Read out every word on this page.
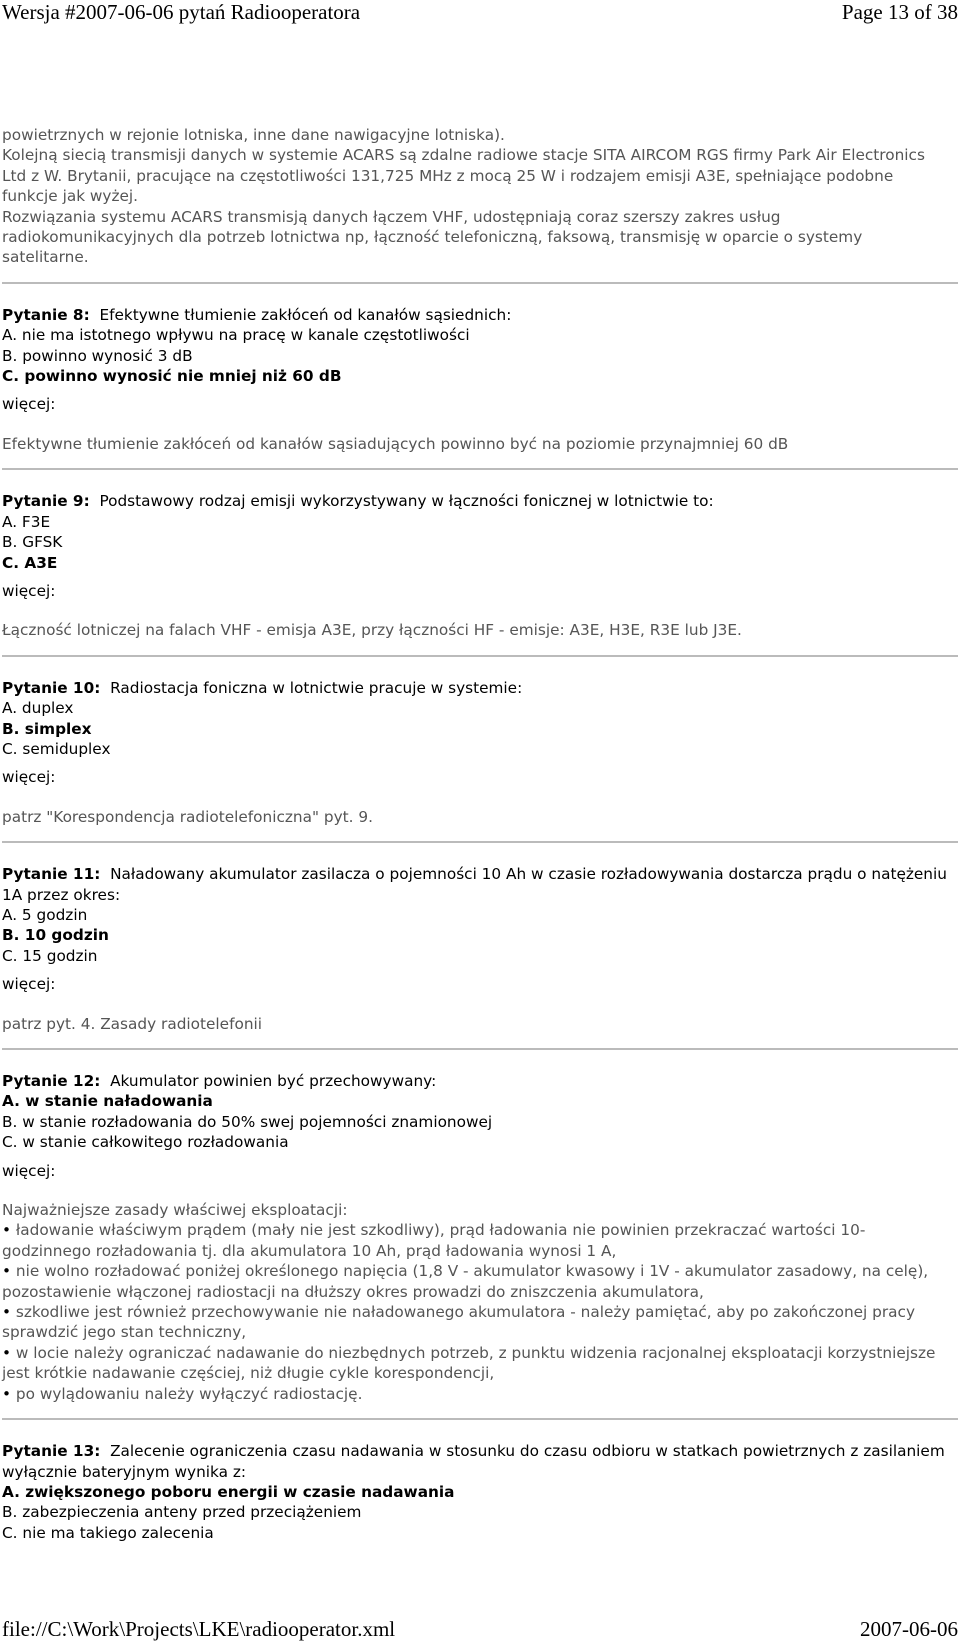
Wersja #2007-06-06 pytań Radiooperatora	Page 13 of 38

powietrznych w rejonie lotniska, inne dane nawigacyjne lotniska).

Kolejną siecią transmisji danych w systemie ACARS są zdalne radiowe stacje SITA AIRCOM RGS firmy Park Air Electronics Ltd z W. Brytanii, pracujące na częstotliwości 131,725 MHz z mocą 25 W i rodzajem emisji A3E, spełniające podobne funkcje jak wyżej.

Rozwiązania systemu ACARS transmisją danych łączem VHF, udostępniają coraz szerszy zakres usług radiokomunikacyjnych dla potrzeb lotnictwa np, łączność telefoniczną, faksową, transmisję w oparcie o systemy satelitarne.

Pytanie 8: Efektywne tłumienie zakłóceń od kanałów sąsiednich:

A. nie ma istotnego wpływu na pracę w kanale częstotliwości

B. powinno wynosić 3 dB

C. powinno wynosić nie mniej niż 60 dB

więcej:

Efektywne tłumienie zakłóceń od kanałów sąsiadujących powinno być na poziomie przynajmniej 60 dB

Pytanie 9: Podstawowy rodzaj emisji wykorzystywany w łączności fonicznej w lotnictwie to:

A. F3E

B. GFSK

C. A3E

więcej:

Łączność lotniczej na falach VHF - emisja A3E, przy łączności HF - emisje: A3E, H3E, R3E lub J3E.

Pytanie 10: Radiostacja foniczna w lotnictwie pracuje w systemie:

A. duplex

B. simplex

C. semiduplex

więcej:

patrz "Korespondencja radiotelefoniczna" pyt. 9.

Pytanie 11: Naładowany akumulator zasilacza o pojemności 10 Ah w czasie rozładowywania dostarcza prądu o natężeniu 1A przez okres:

A. 5 godzin

B. 10 godzin

C. 15 godzin

więcej:

patrz pyt. 4. Zasady radiotelefonii

Pytanie 12: Akumulator powinien być przechowywany:

A. w stanie naładowania

B. w stanie rozładowania do 50% swej pojemności znamionowej

C. w stanie całkowitego rozładowania

więcej:

Najważniejsze zasady właściwej eksploatacji:

• ładowanie właściwym prądem (mały nie jest szkodliwy), prąd ładowania nie powinien przekraczać wartości 10-godzinnego rozładowania tj. dla akumulatora 10 Ah, prąd ładowania wynosi 1 A,

• nie wolno rozładować poniżej określonego napięcia (1,8 V - akumulator kwasowy i 1V - akumulator zasadowy, na celę), pozostawienie włączonej radiostacji na dłuższy okres prowadzi do zniszczenia akumulatora,

• szkodliwe jest również przechowywanie nie naładowanego akumulatora - należy pamiętać, aby po zakończonej pracy sprawdzić jego stan techniczny,

• w locie należy ograniczać nadawanie do niezbędnych potrzeb, z punktu widzenia racjonalnej eksploatacji korzystniejsze jest krótkie nadawanie częściej, niż długie cykle korespondencji,

• po wylądowaniu należy wyłączyć radiostację.

Pytanie 13: Zalecenie ograniczenia czasu nadawania w stosunku do czasu odbioru w statkach powietrznych z zasilaniem wyłącznie bateryjnym wynika z:

A. zwiększonego poboru energii w czasie nadawania

B. zabezpieczenia anteny przed przeciążeniem

C. nie ma takiego zalecenia

file://C:\Work\Projects\LKE\radiooperator.xml	2007-06-06
